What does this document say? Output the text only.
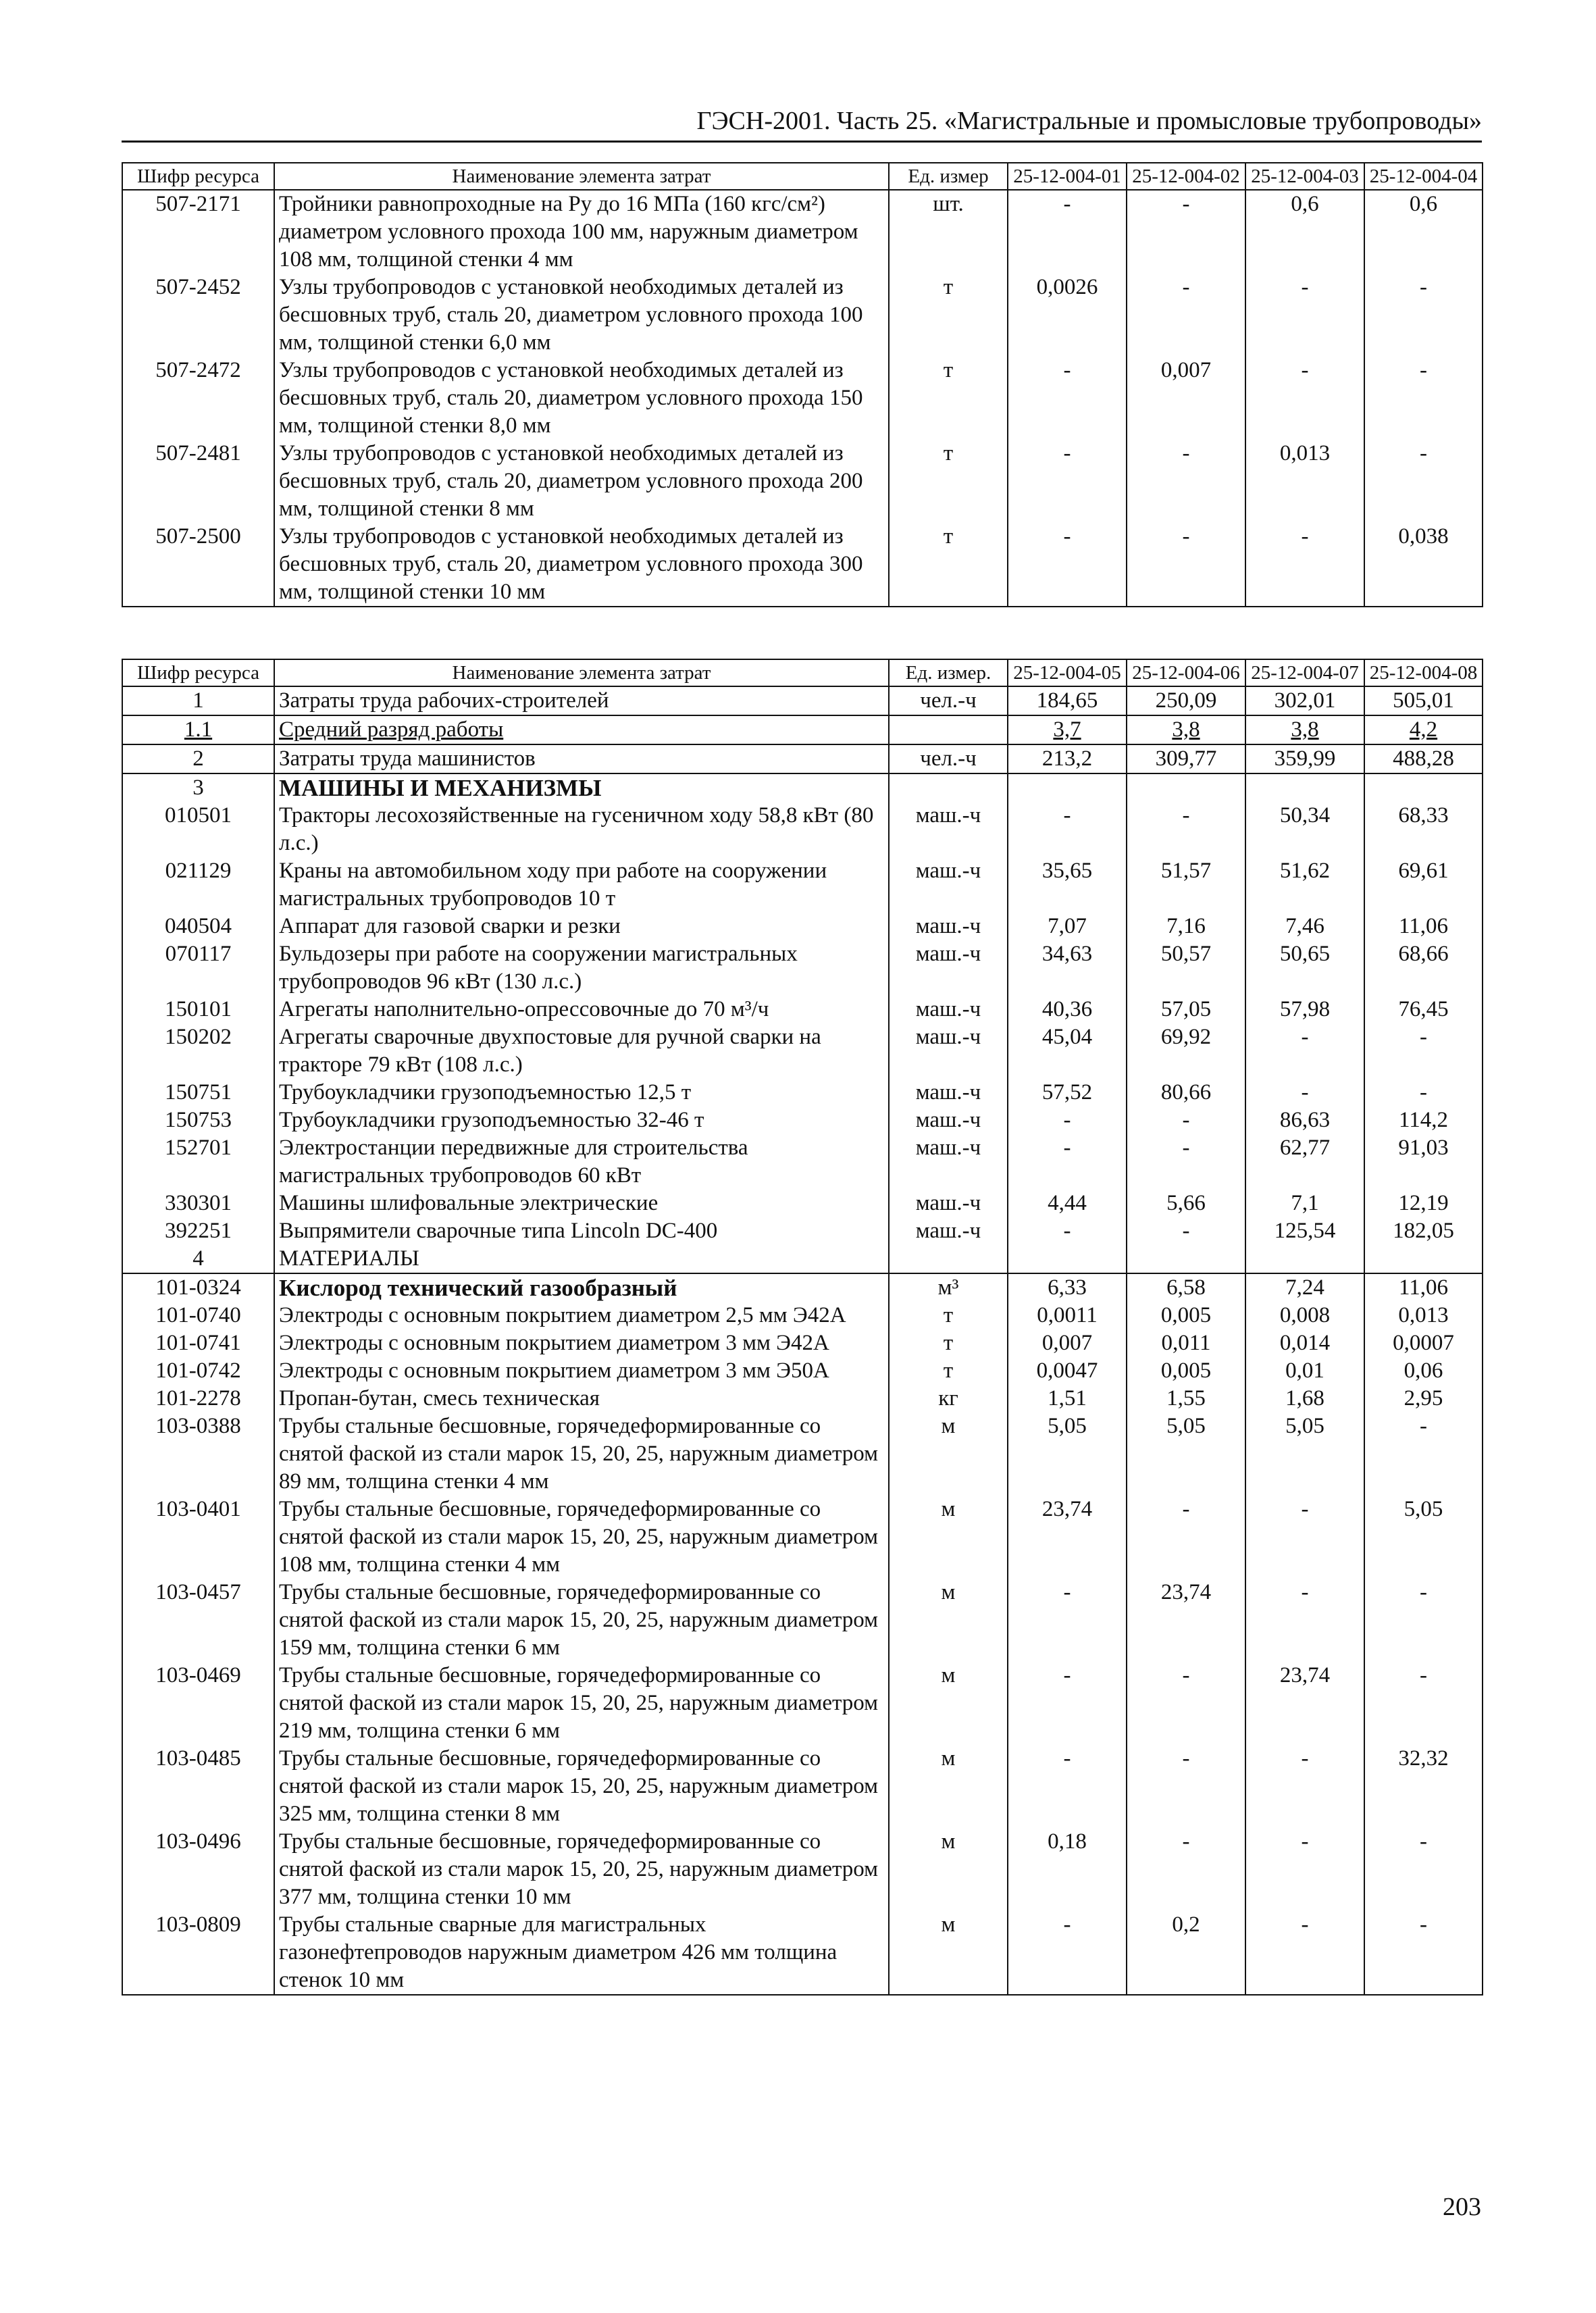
ГЭСН-2001. Часть 25. «Магистральные и промысловые трубопроводы»
Шифр ресурса	Наименование элемента затрат	Ед. измер	25-12-004-01	25-12-004-02	25-12-004-03	25-12-004-04
507-2171	Тройники равнопроходные на Ру до 16 МПа (160 кгс/см²) диаметром условного прохода 100 мм, наружным диаметром 108 мм, толщиной стенки 4 мм	шт.	-	-	0,6	0,6
507-2452	Узлы трубопроводов с установкой необходимых деталей из бесшовных труб, сталь 20, диаметром условного прохода 100 мм, толщиной стенки 6,0 мм	т	0,0026	-	-	-
507-2472	Узлы трубопроводов с установкой необходимых деталей из бесшовных труб, сталь 20, диаметром условного прохода 150 мм, толщиной стенки 8,0 мм	т	-	0,007	-	-
507-2481	Узлы трубопроводов с установкой необходимых деталей из бесшовных труб, сталь 20, диаметром условного прохода 200 мм, толщиной стенки 8 мм	т	-	-	0,013	-
507-2500	Узлы трубопроводов с установкой необходимых деталей из бесшовных труб, сталь 20, диаметром условного прохода 300 мм, толщиной стенки 10 мм	т	-	-	-	0,038
Шифр ресурса	Наименование элемента затрат	Ед. измер.	25-12-004-05	25-12-004-06	25-12-004-07	25-12-004-08
1	Затраты труда рабочих-строителей	чел.-ч	184,65	250,09	302,01	505,01
1.1	Средний разряд работы		3,7	3,8	3,8	4,2
2	Затраты труда машинистов	чел.-ч	213,2	309,77	359,99	488,28
3	МАШИНЫ И МЕХАНИЗМЫ					
010501	Тракторы лесохозяйственные на гусеничном ходу 58,8 кВт (80 л.с.)	маш.-ч	-	-	50,34	68,33
021129	Краны на автомобильном ходу при работе на сооружении магистральных трубопроводов 10 т	маш.-ч	35,65	51,57	51,62	69,61
040504	Аппарат для газовой сварки и резки	маш.-ч	7,07	7,16	7,46	11,06
070117	Бульдозеры при работе на сооружении магистральных трубопроводов 96 кВт (130 л.с.)	маш.-ч	34,63	50,57	50,65	68,66
150101	Агрегаты наполнительно-опрессовочные до 70 м³/ч	маш.-ч	40,36	57,05	57,98	76,45
150202	Агрегаты сварочные двухпостовые для ручной сварки на тракторе 79 кВт (108 л.с.)	маш.-ч	45,04	69,92	-	-
150751	Трубоукладчики грузоподъемностью 12,5 т	маш.-ч	57,52	80,66	-	-
150753	Трубоукладчики грузоподъемностью 32-46 т	маш.-ч	-	-	86,63	114,2
152701	Электростанции передвижные для строительства магистральных трубопроводов 60 кВт	маш.-ч	-	-	62,77	91,03
330301	Машины шлифовальные электрические	маш.-ч	4,44	5,66	7,1	12,19
392251	Выпрямители сварочные типа Lincoln DC-400	маш.-ч	-	-	125,54	182,05
4	МАТЕРИАЛЫ					
101-0324	Кислород технический газообразный	м³	6,33	6,58	7,24	11,06
101-0740	Электроды с основным покрытием диаметром 2,5 мм Э42А	т	0,0011	0,005	0,008	0,013
101-0741	Электроды с основным покрытием диаметром 3 мм Э42А	т	0,007	0,011	0,014	0,0007
101-0742	Электроды с основным покрытием диаметром 3 мм Э50А	т	0,0047	0,005	0,01	0,06
101-2278	Пропан-бутан, смесь техническая	кг	1,51	1,55	1,68	2,95
103-0388	Трубы стальные бесшовные, горячедеформированные со снятой фаской из стали марок 15, 20, 25, наружным диаметром 89 мм, толщина стенки 4 мм	м	5,05	5,05	5,05	-
103-0401	Трубы стальные бесшовные, горячедеформированные со снятой фаской из стали марок 15, 20, 25, наружным диаметром 108 мм, толщина стенки 4 мм	м	23,74	-	-	5,05
103-0457	Трубы стальные бесшовные, горячедеформированные со снятой фаской из стали марок 15, 20, 25, наружным диаметром 159 мм, толщина стенки 6 мм	м	-	23,74	-	-
103-0469	Трубы стальные бесшовные, горячедеформированные со снятой фаской из стали марок 15, 20, 25, наружным диаметром 219 мм, толщина стенки 6 мм	м	-	-	23,74	-
103-0485	Трубы стальные бесшовные, горячедеформированные со снятой фаской из стали марок 15, 20, 25, наружным диаметром 325 мм, толщина стенки 8 мм	м	-	-	-	32,32
103-0496	Трубы стальные бесшовные, горячедеформированные со снятой фаской из стали марок 15, 20, 25, наружным диаметром 377 мм, толщина стенки 10 мм	м	0,18	-	-	-
103-0809	Трубы стальные сварные для магистральных газонефтепроводов наружным диаметром 426 мм толщина стенок 10 мм	м	-	0,2	-	-
203
